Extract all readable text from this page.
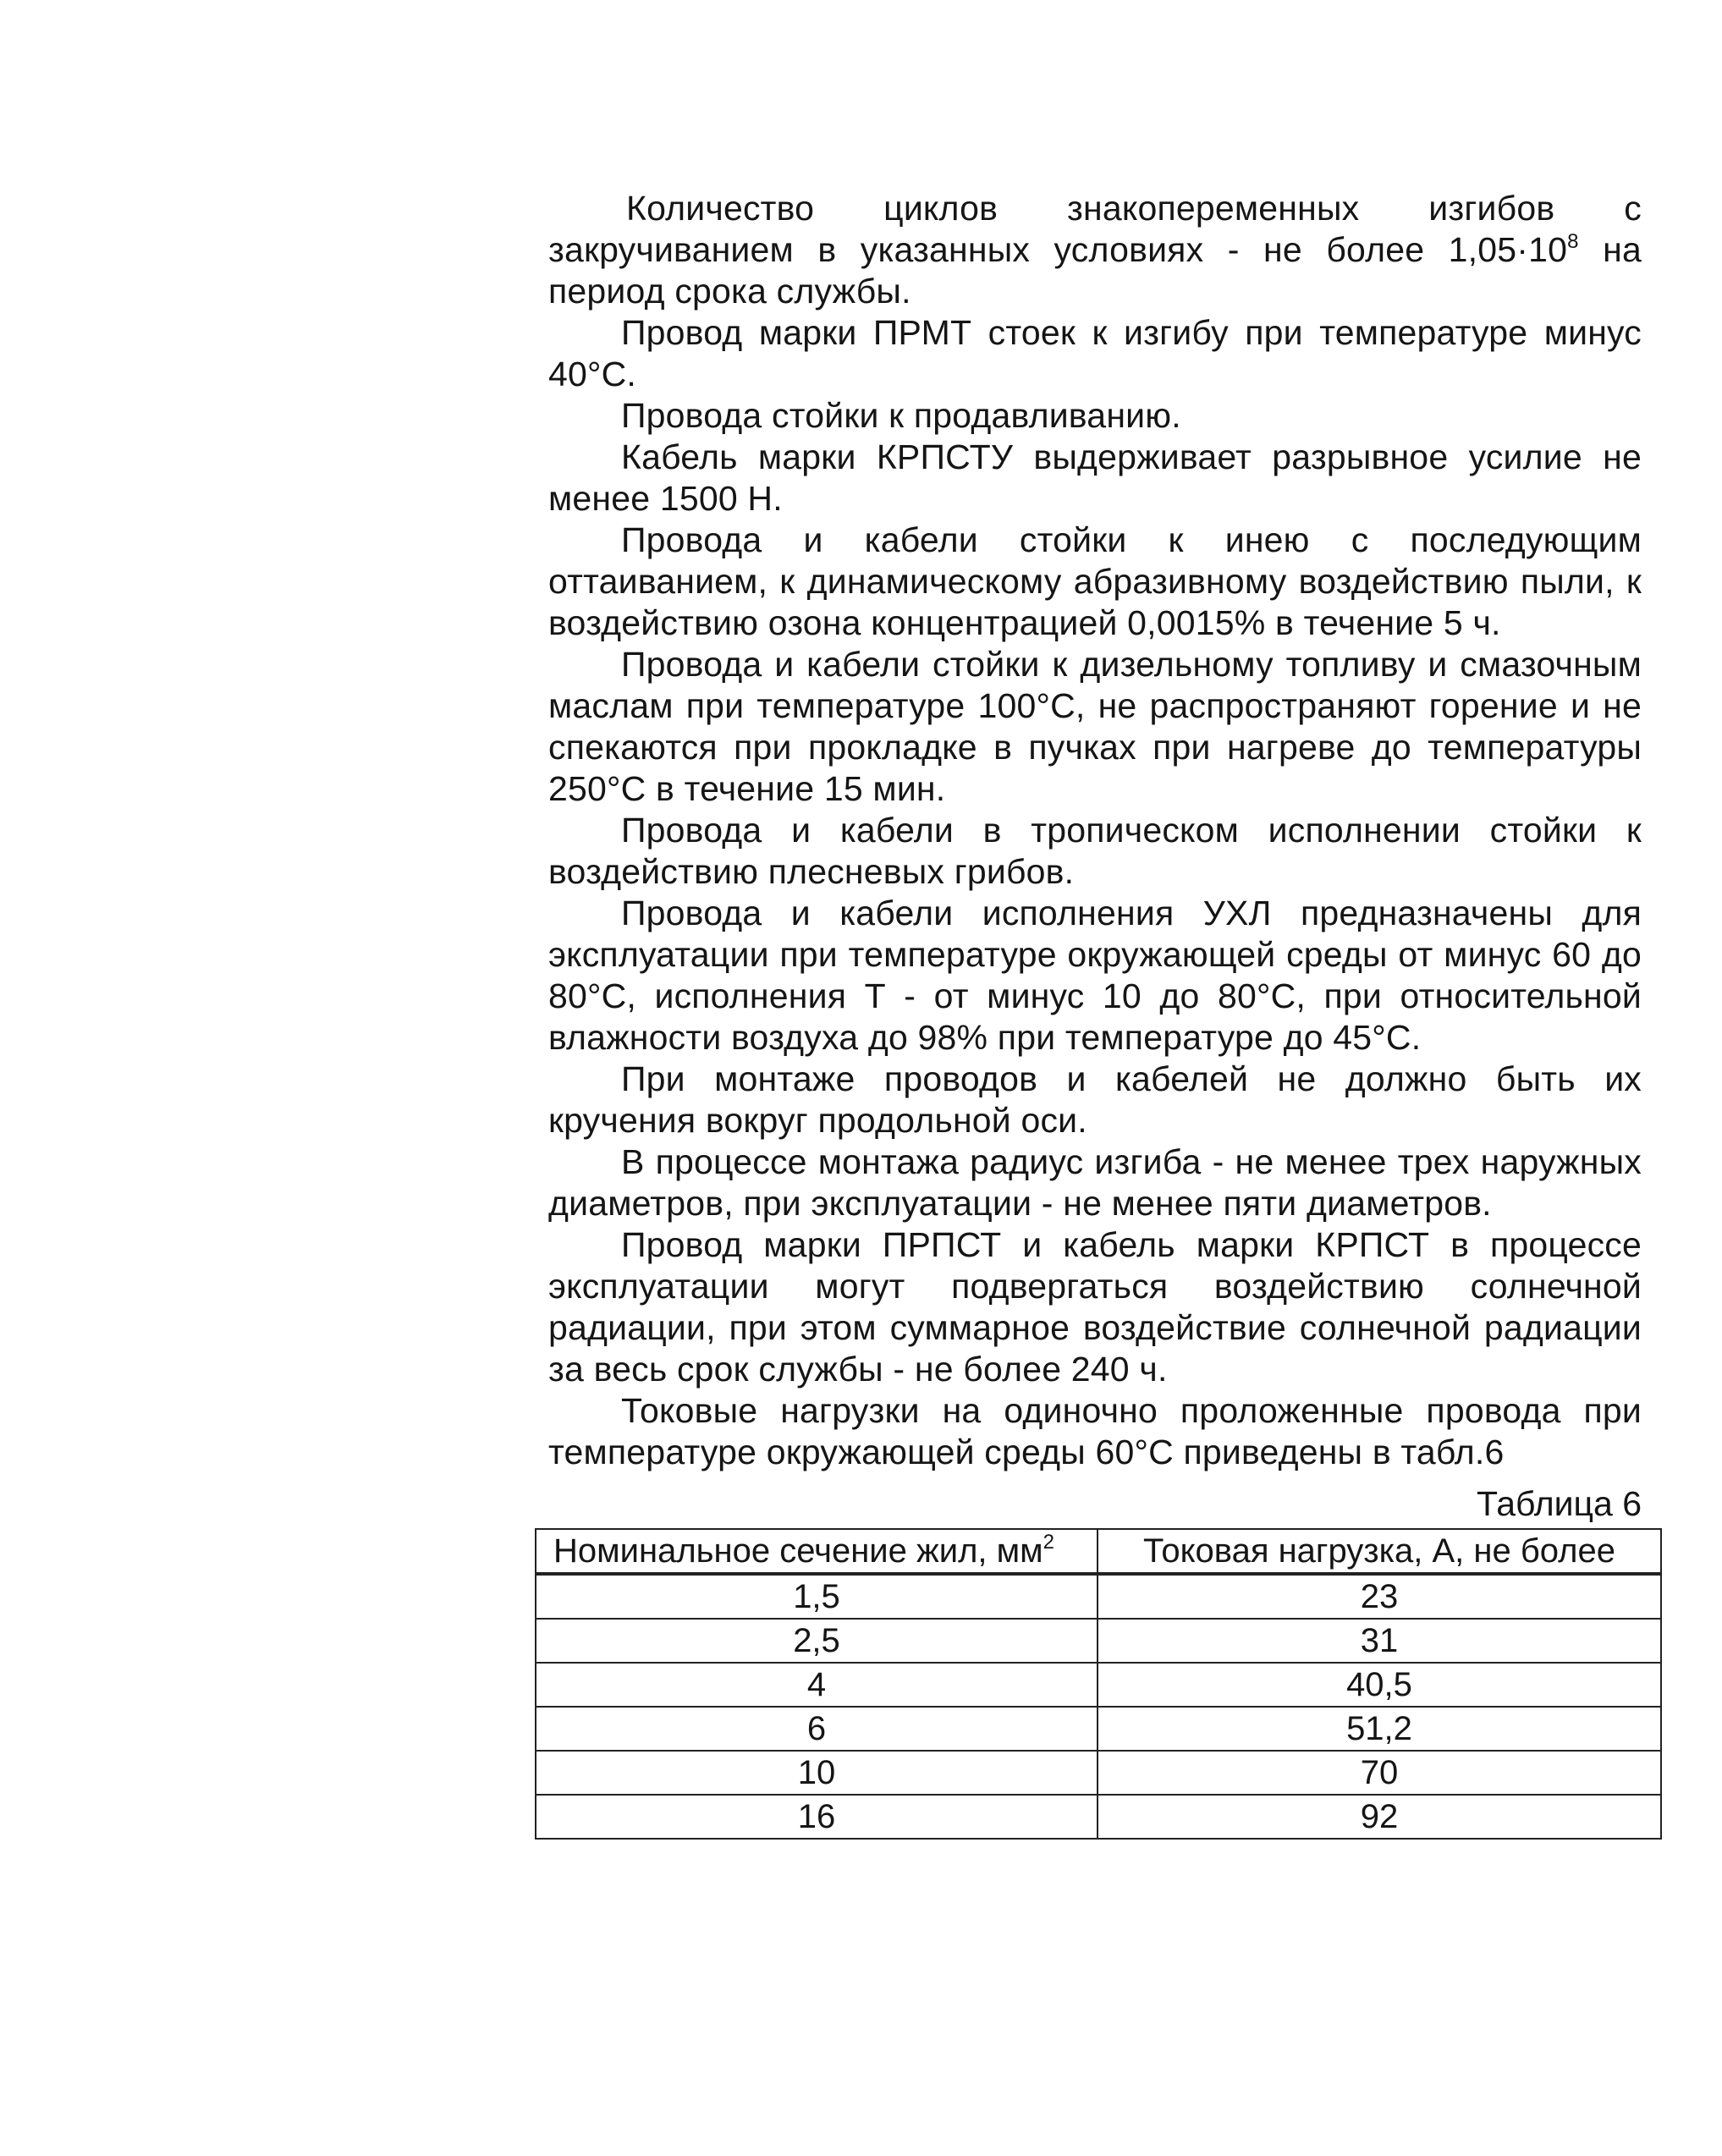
Количество циклов знакопеременных изгибов с закручиванием в указанных условиях - не более $1,05\cdot 10^8$ на период срока службы.

Провод марки ПРМТ стоек к изгибу при температуре минус 40°С.

Провода стойки к продавливанию.

Кабель марки КРПСТУ выдерживает разрывное усилие не менее 1500 Н.

Провода и кабели стойки к инею с последующим оттаиванием, к динамическому абразивному воздействию пыли, к воздействию озона концентрацией 0,0015% в течение 5 ч.

Провода и кабели стойки к дизельному топливу и смазочным маслам при температуре 100°С, не распространяют горение и не спекаются при прокладке в пучках при нагреве до температуры 250°С в течение 15 мин.

Провода и кабели в тропическом исполнении стойки к воздействию плесневых грибов.

Провода и кабели исполнения УХЛ предназначены для эксплуатации при температуре окружающей среды от минус 60 до 80°С, исполнения Т - от минус 10 до 80°С, при относительной влажности воздуха до 98% при температуре до 45°С.

При монтаже проводов и кабелей не должно быть их кручения вокруг продольной оси.

В процессе монтажа радиус изгиба - не менее трех наружных диаметров, при эксплуатации - не менее пяти диаметров.

Провод марки ПРПСТ и кабель марки КРПСТ в процессе эксплуатации могут подвергаться воздействию солнечной радиации, при этом суммарное воздействие солнечной радиации за весь срок службы - не более 240 ч.

Токовые нагрузки на одиночно проложенные провода при температуре окружающей среды 60°С приведены в табл.6

Таблица 6
Номинальное сечение жил, $мм^2$	Токовая нагрузка, А, не более
1,5	23
2,5	31
4	40,5
6	51,2
10	70
16	92
